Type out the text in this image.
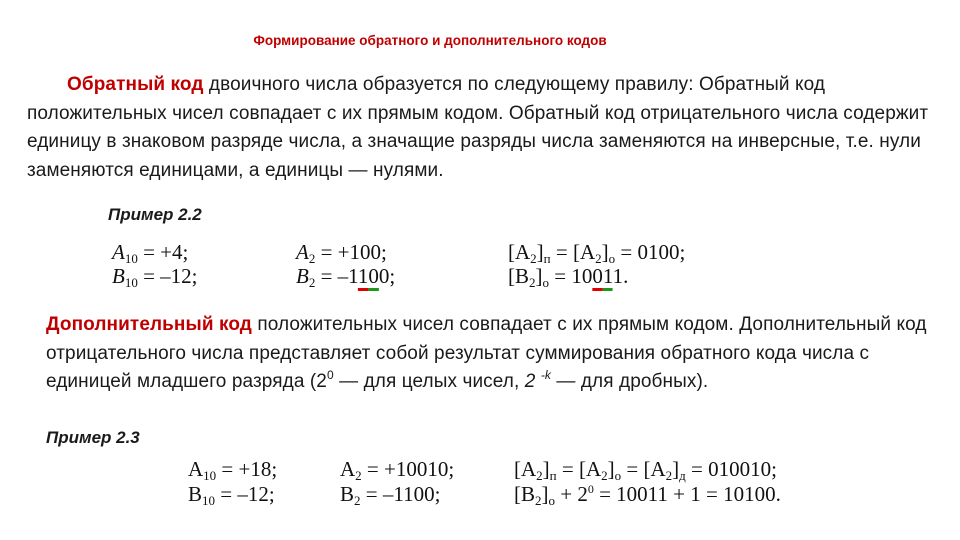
Формирование обратного и дополнительного кодов

Обратный код двоичного числа образуется по следующему правилу: Обратный код положительных чисел совпадает с их прямым кодом. Обратный код отрицательного числа содержит единицу в знаковом разряде числа, а значащие разряды числа заменяются на инверсные, т.е. нули заменяются единицами, а единицы — нулями.

Пример 2.2
$A_{10} = +4$;
$B_{10} = -12$;
$A_2 = +100$;
$B_2 = -1100$;
$[A_2]_п = [A_2]_о = 0100$;
$[B_2]_о = 10011$.

Дополнительный код положительных чисел совпадает с их прямым кодом. Дополнительный код отрицательного числа представляет собой результат суммирования обратного кода числа с единицей младшего разряда ($2^0$ — для целых чисел, 2 $^{-k}$ — для дробных).

Пример 2.3
$A_{10} = +18$;
$B_{10} = -12$;
$A_2 = +10010$;
$B_2 = -1100$;
$[A_2]_п = [A_2]_о = [A_2]_д = 010010$;
$[B_2]_о + 2^0 = 10011 + 1 = 10100$.
